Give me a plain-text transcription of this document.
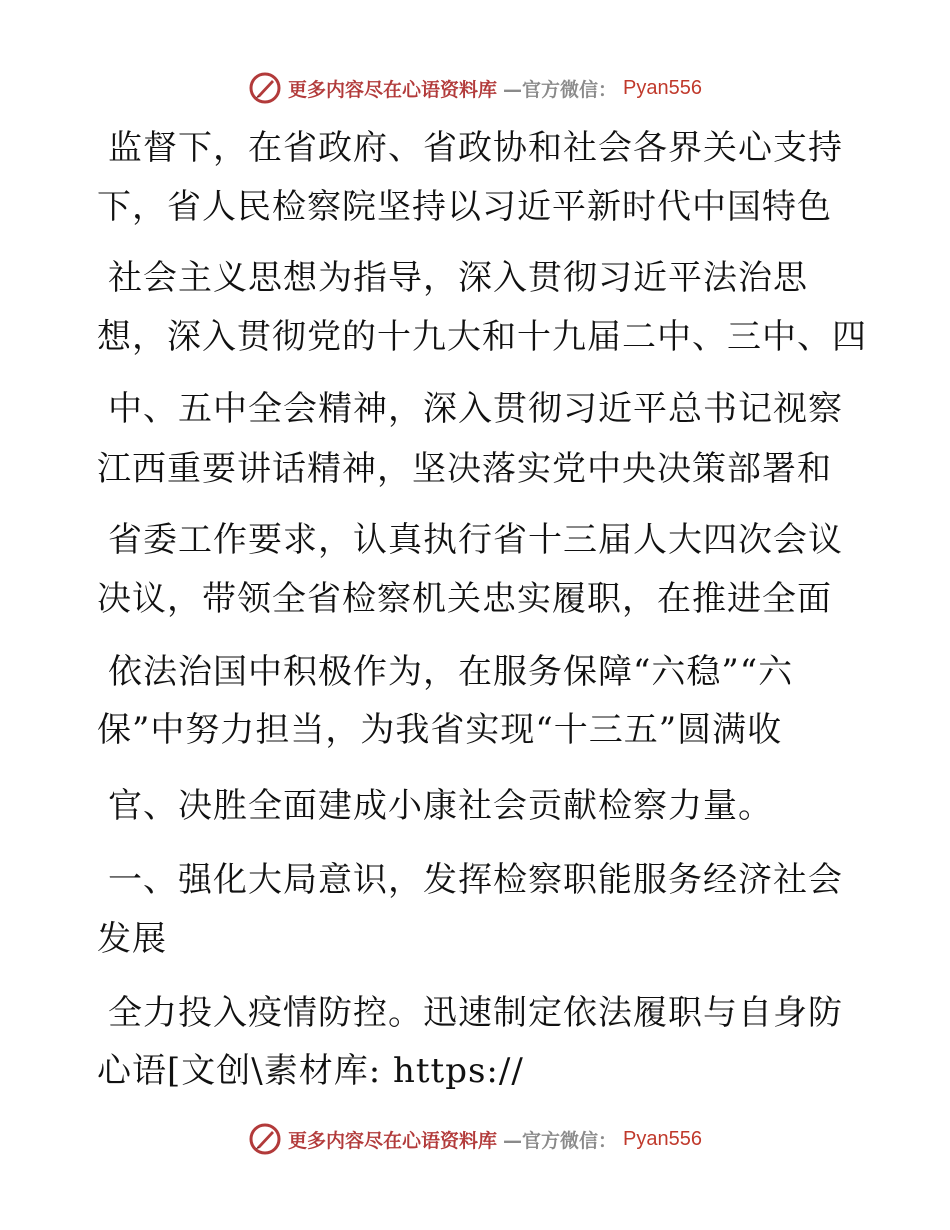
更多内容尽在心语资料库 —官方微信： Pyan556
监督下，在省政府、省政协和社会各界关心支持
下，省人民检察院坚持以习近平新时代中国特色
社会主义思想为指导，深入贯彻习近平法治思
想，深入贯彻党的十九大和十九届二中、三中、四
中、五中全会精神，深入贯彻习近平总书记视察
江西重要讲话精神，坚决落实党中央决策部署和
省委工作要求，认真执行省十三届人大四次会议
决议，带领全省检察机关忠实履职，在推进全面
依法治国中积极作为，在服务保障“六稳”“六
保”中努力担当，为我省实现“十三五”圆满收
官、决胜全面建成小康社会贡献检察力量。
一、强化大局意识，发挥检察职能服务经济社会
发展
全力投入疫情防控。迅速制定依法履职与自身防
心语[文创\素材库: https://
更多内容尽在心语资料库 —官方微信： Pyan556
